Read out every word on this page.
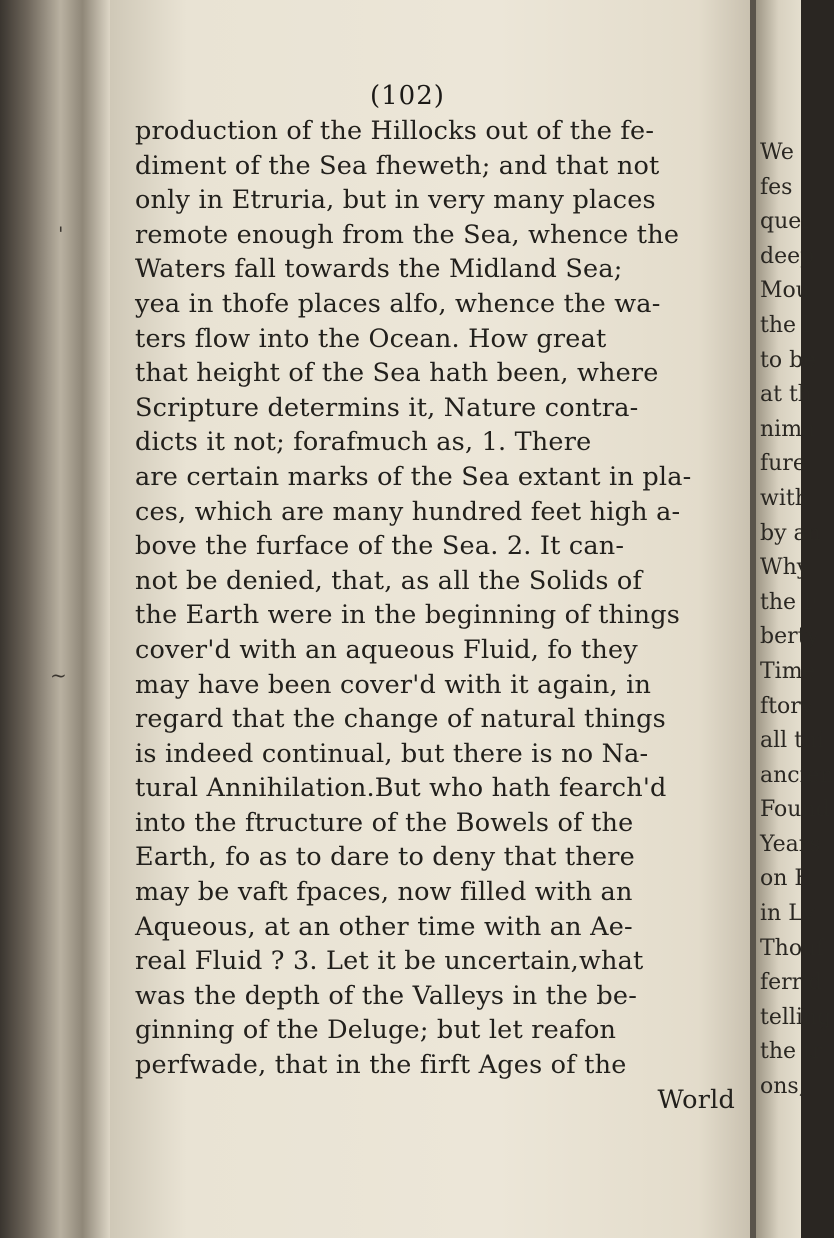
We
fes
quer
deep
Mou
the l
to be
at th
nima
fure,
with
by an
Why
the F
berty
Time
ftory
all thi
ancien
Found
Years
on H
in Ly
Thouf
ferr'd
telling
the tr
ons,
(102)
production of the Hillocks out of the fe-
diment of the Sea fheweth; and that not
only in Etruria, but in very many places
remote enough from the Sea, whence the
Waters fall towards the Midland Sea;
yea in thofe places alfo, whence the wa-
ters flow into the Ocean. How great
that height of the Sea hath been, where
Scripture determins it, Nature contra-
dicts it not; forafmuch as, 1. There
are certain marks of the Sea extant in pla-
ces, which are many hundred feet high a-
bove the furface of the Sea. 2. It can-
not be denied, that, as all the Solids of
the Earth were in the beginning of things
cover'd with an aqueous Fluid, fo they
may have been cover'd with it again, in
regard that the change of natural things
is indeed continual, but there is no Na-
tural Annihilation.But who hath fearch'd
into the ftructure of the Bowels of the
Earth, fo as to dare to deny that there
may be vaft fpaces, now filled with an
Aqueous, at an other time with an Ae-
real Fluid ? 3. Let it be uncertain,what
was the depth of the Valleys in the be-
ginning of the Deluge; but let reafon
perfwade, that in the firft Ages of the
World
~
'
